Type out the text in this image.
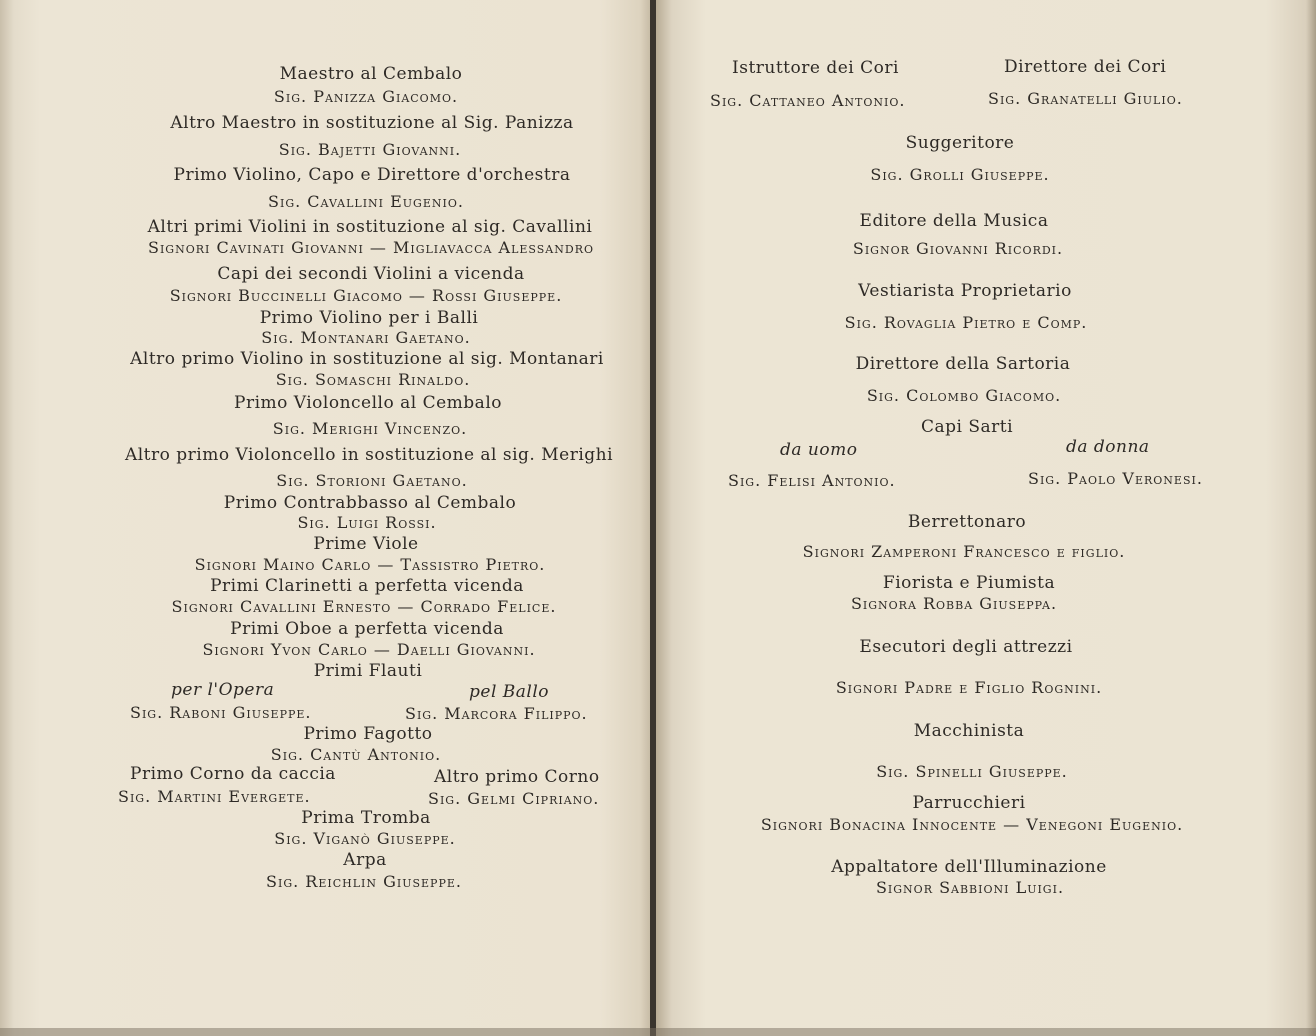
Maestro al Cembalo
Sig. Panizza Giacomo.
Altro Maestro in sostituzione al Sig. Panizza
Sig. Bajetti Giovanni.
Primo Violino, Capo e Direttore d'orchestra
Sig. Cavallini Eugenio.
Altri primi Violini in sostituzione al sig. Cavallini
Signori Cavinati Giovanni — Migliavacca Alessandro
Capi dei secondi Violini a vicenda
Signori Buccinelli Giacomo — Rossi Giuseppe.
Primo Violino per i Balli
Sig. Montanari Gaetano.
Altro primo Violino in sostituzione al sig. Montanari
Sig. Somaschi Rinaldo.
Primo Violoncello al Cembalo
Sig. Merighi Vincenzo.
Altro primo Violoncello in sostituzione al sig. Merighi
Sig. Storioni Gaetano.
Primo Contrabbasso al Cembalo
Sig. Luigi Rossi.
Prime Viole
Signori Maino Carlo — Tassistro Pietro.
Primi Clarinetti a perfetta vicenda
Signori Cavallini Ernesto — Corrado Felice.
Primi Oboe a perfetta vicenda
Signori Yvon Carlo — Daelli Giovanni.
Primi Flauti
per l'Opera	pel Ballo
Sig. Raboni Giuseppe.	Sig. Marcora Filippo.
Primo Fagotto
Sig. Cantù Antonio.
Primo Corno da caccia	Altro primo Corno
Sig. Martini Evergete.	Sig. Gelmi Cipriano.
Prima Tromba
Sig. Viganò Giuseppe.
Arpa
Sig. Reichlin Giuseppe.
Istruttore dei Cori	Direttore dei Cori
Sig. Cattaneo Antonio.	Sig. Granatelli Giulio.
Suggeritore
Sig. Grolli Giuseppe.
Editore della Musica
Signor Giovanni Ricordi.
Vestiarista Proprietario
Sig. Rovaglia Pietro e Comp.
Direttore della Sartoria
Sig. Colombo Giacomo.
Capi Sarti
da uomo	da donna
Sig. Felisi Antonio.	Sig. Paolo Veronesi.
Berrettonaro
Signori Zamperoni Francesco e figlio.
Fiorista e Piumista
Signora Robba Giuseppa.
Esecutori degli attrezzi
Signori Padre e Figlio Rognini.
Macchinista
Sig. Spinelli Giuseppe.
Parrucchieri
Signori Bonacina Innocente — Venegoni Eugenio.
Appaltatore dell'Illuminazione
Signor Sabbioni Luigi.
